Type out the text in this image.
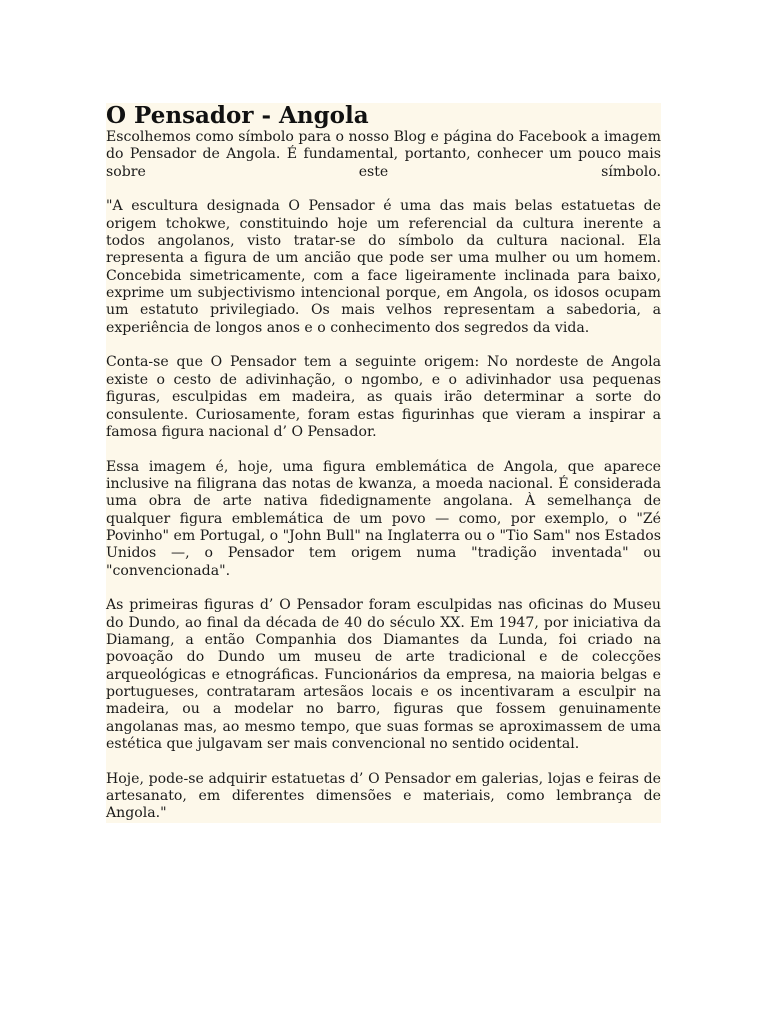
O Pensador - Angola

Escolhemos como símbolo para o nosso Blog e página do Facebook a imagem do Pensador de Angola. É fundamental, portanto, conhecer um pouco mais sobre este símbolo.

"A escultura designada O Pensador é uma das mais belas estatuetas de origem tchokwe, constituindo hoje um referencial da cultura inerente a todos angolanos, visto tratar-se do símbolo da cultura nacional. Ela representa a figura de um ancião que pode ser uma mulher ou um homem. Concebida simetricamente, com a face ligeiramente inclinada para baixo, exprime um subjectivismo intencional porque, em Angola, os idosos ocupam um estatuto privilegiado. Os mais velhos representam a sabedoria, a experiência de longos anos e o conhecimento dos segredos da vida.

Conta-se que O Pensador tem a seguinte origem: No nordeste de Angola existe o cesto de adivinhação, o ngombo, e o adivinhador usa pequenas figuras, esculpidas em madeira, as quais irão determinar a sorte do consulente. Curiosamente, foram estas figurinhas que vieram a inspirar a famosa figura nacional d’ O Pensador.

Essa imagem é, hoje, uma figura emblemática de Angola, que aparece inclusive na filigrana das notas de kwanza, a moeda nacional. É considerada uma obra de arte nativa fidedignamente angolana. À semelhança de qualquer figura emblemática de um povo — como, por exemplo, o "Zé Povinho" em Portugal, o "John Bull" na Inglaterra ou o "Tio Sam" nos Estados Unidos —, o Pensador tem origem numa "tradição inventada" ou "convencionada".

As primeiras figuras d’ O Pensador foram esculpidas nas oficinas do Museu do Dundo, ao final da década de 40 do século XX. Em 1947, por iniciativa da Diamang, a então Companhia dos Diamantes da Lunda, foi criado na povoação do Dundo um museu de arte tradicional e de colecções arqueológicas e etnográficas. Funcionários da empresa, na maioria belgas e portugueses, contrataram artesãos locais e os incentivaram a esculpir na madeira, ou a modelar no barro, figuras que fossem genuinamente angolanas mas, ao mesmo tempo, que suas formas se aproximassem de uma estética que julgavam ser mais convencional no sentido ocidental.

Hoje, pode-se adquirir estatuetas d’ O Pensador em galerias, lojas e feiras de artesanato, em diferentes dimensões e materiais, como lembrança de Angola."
